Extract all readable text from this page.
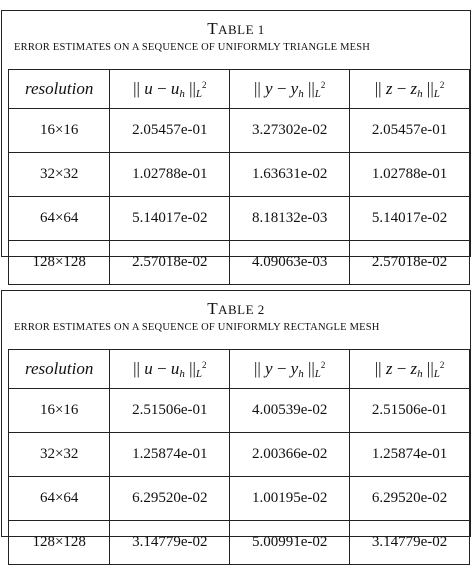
TABLE 1
ERROR ESTIMATES ON A SEQUENCE OF UNIFORMLY TRIANGLE MESH
resolution	|| $u - u_h$ $||_L^2$	|| $y - y_h$ $||_L^2$	|| $z - z_h$ $||_L^2$
16×16	2.05457e-01	3.27302e-02	2.05457e-01
32×32	1.02788e-01	1.63631e-02	1.02788e-01
64×64	5.14017e-02	8.18132e-03	5.14017e-02
128×128	2.57018e-02	4.09063e-03	2.57018e-02
TABLE 2
ERROR ESTIMATES ON A SEQUENCE OF UNIFORMLY RECTANGLE MESH
resolution	|| $u - u_h$ $||_L^2$	|| $y - y_h$ $||_L^2$	|| $z - z_h$ $||_L^2$
16×16	2.51506e-01	4.00539e-02	2.51506e-01
32×32	1.25874e-01	2.00366e-02	1.25874e-01
64×64	6.29520e-02	1.00195e-02	6.29520e-02
128×128	3.14779e-02	5.00991e-02	3.14779e-02
